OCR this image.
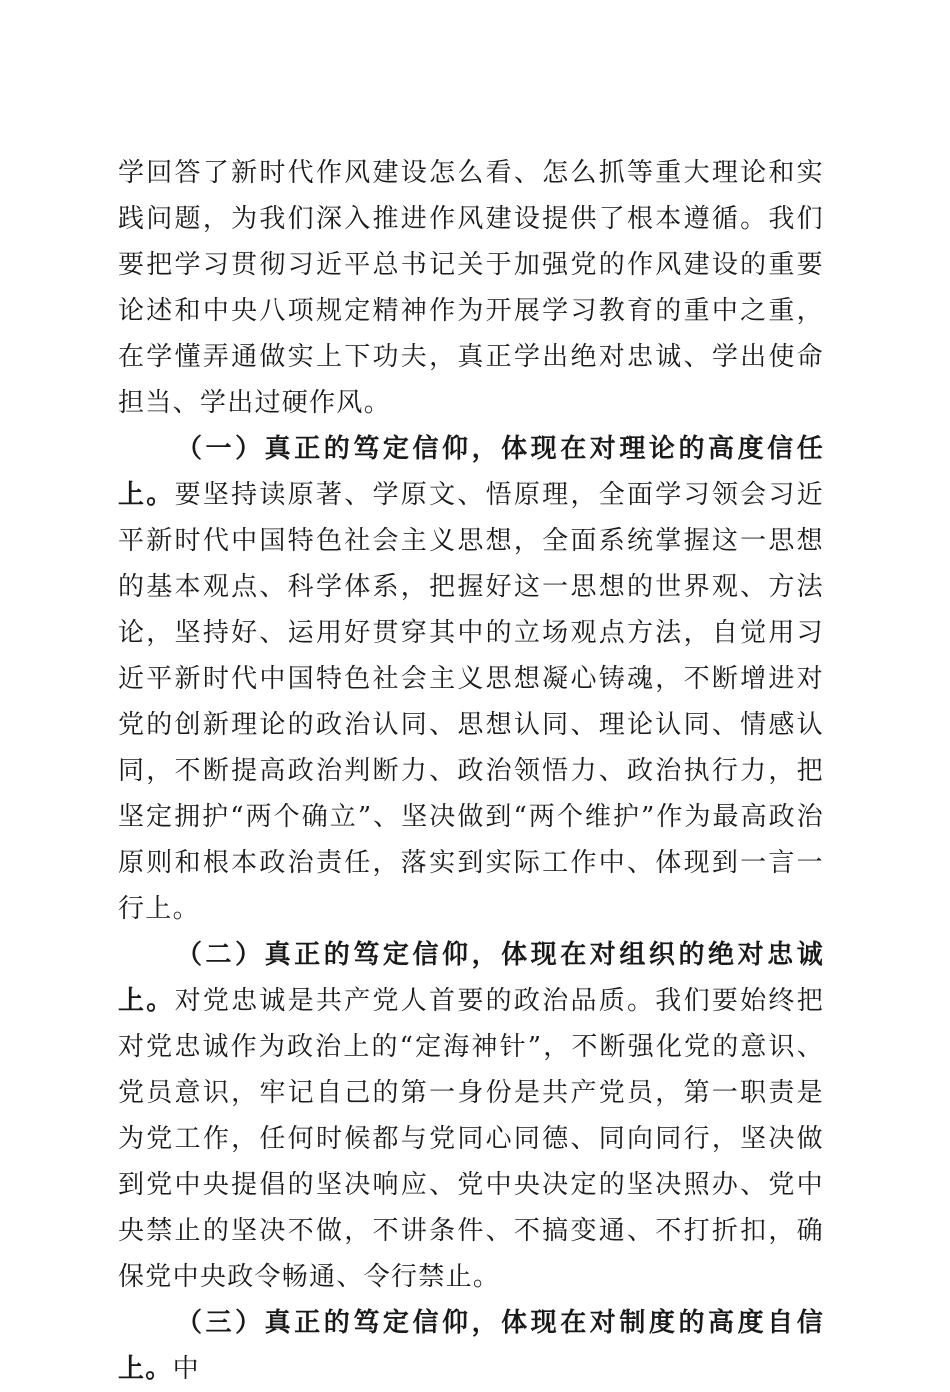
学回答了新时代作风建设怎么看、怎么抓等重大理论和实践问题，为我们深入推进作风建设提供了根本遵循。我们要把学习贯彻习近平总书记关于加强党的作风建设的重要论述和中央八项规定精神作为开展学习教育的重中之重，在学懂弄通做实上下功夫，真正学出绝对忠诚、学出使命担当、学出过硬作风。

（一）真正的笃定信仰，体现在对理论的高度信任上。要坚持读原著、学原文、悟原理，全面学习领会习近平新时代中国特色社会主义思想，全面系统掌握这一思想的基本观点、科学体系，把握好这一思想的世界观、方法论，坚持好、运用好贯穿其中的立场观点方法，自觉用习近平新时代中国特色社会主义思想凝心铸魂，不断增进对党的创新理论的政治认同、思想认同、理论认同、情感认同，不断提高政治判断力、政治领悟力、政治执行力，把坚定拥护“两个确立”、坚决做到“两个维护”作为最高政治原则和根本政治责任，落实到实际工作中、体现到一言一行上。

（二）真正的笃定信仰，体现在对组织的绝对忠诚上。对党忠诚是共产党人首要的政治品质。我们要始终把对党忠诚作为政治上的“定海神针”，不断强化党的意识、党员意识，牢记自己的第一身份是共产党员，第一职责是为党工作，任何时候都与党同心同德、同向同行，坚决做到党中央提倡的坚决响应、党中央决定的坚决照办、党中央禁止的坚决不做，不讲条件、不搞变通、不打折扣，确保党中央政令畅通、令行禁止。

（三）真正的笃定信仰，体现在对制度的高度自信上。中
